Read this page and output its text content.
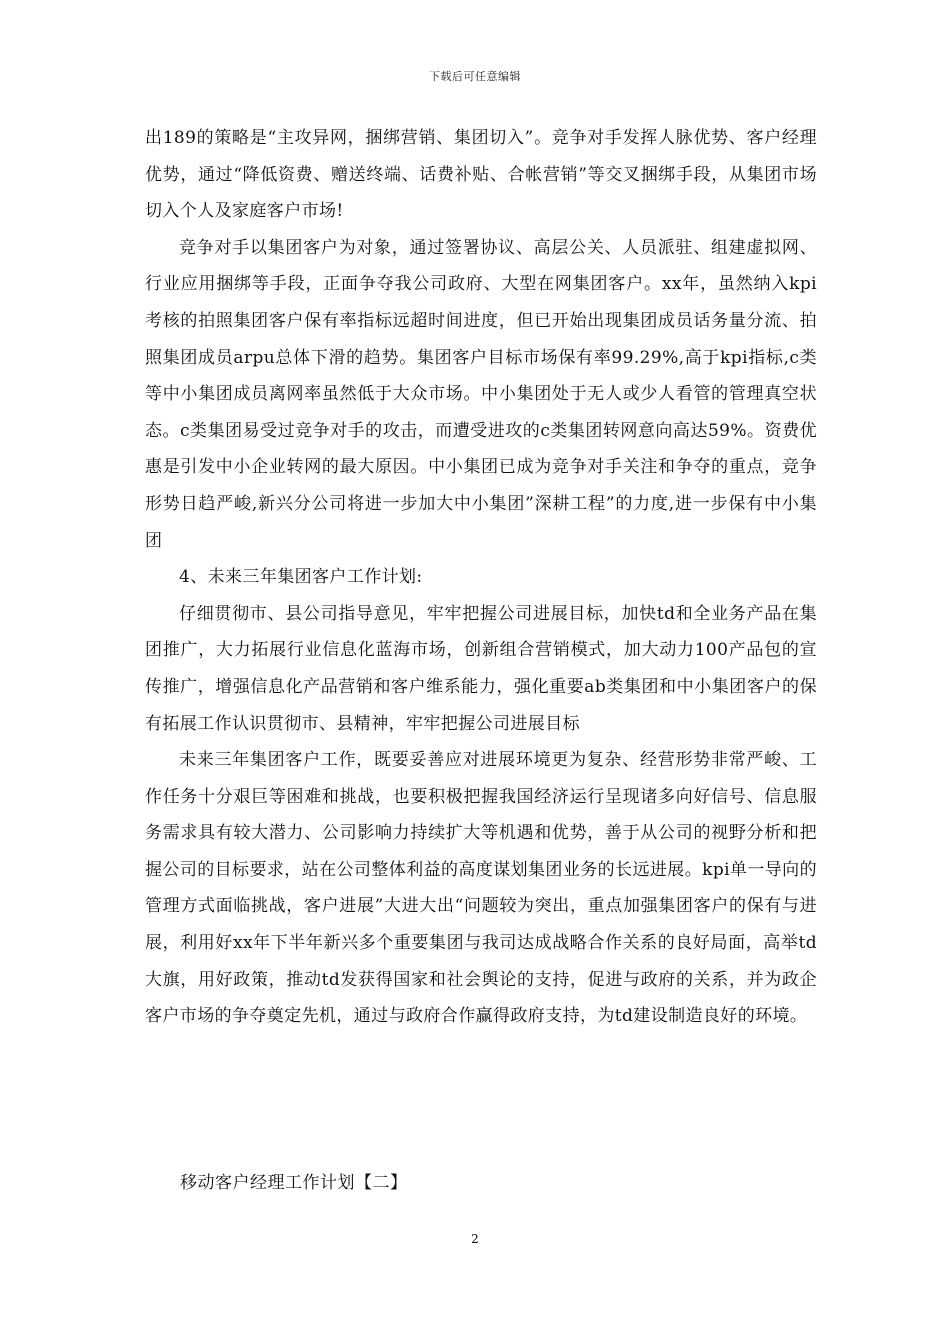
下载后可任意编辑

出189的策略是“主攻异网，捆绑营销、集团切入”。竞争对手发挥人脉优势、客户经理优势，通过“降低资费、赠送终端、话费补贴、合帐营销”等交叉捆绑手段，从集团市场切入个人及家庭客户市场!

竞争对手以集团客户为对象，通过签署协议、高层公关、人员派驻、组建虚拟网、行业应用捆绑等手段，正面争夺我公司政府、大型在网集团客户。xx年，虽然纳入kpi考核的拍照集团客户保有率指标远超时间进度，但已开始出现集团成员话务量分流、拍照集团成员arpu总体下滑的趋势。集团客户目标市场保有率99.29%,高于kpi指标,c类等中小集团成员离网率虽然低于大众市场。中小集团处于无人或少人看管的管理真空状态。c类集团易受过竞争对手的攻击，而遭受进攻的c类集团转网意向高达59%。资费优惠是引发中小企业转网的最大原因。中小集团已成为竞争对手关注和争夺的重点，竞争形势日趋严峻,新兴分公司将进一步加大中小集团”深耕工程”的力度,进一步保有中小集团

4、未来三年集团客户工作计划:

仔细贯彻市、县公司指导意见，牢牢把握公司进展目标，加快td和全业务产品在集团推广，大力拓展行业信息化蓝海市场，创新组合营销模式，加大动力100产品包的宣传推广，增强信息化产品营销和客户维系能力，强化重要ab类集团和中小集团客户的保有拓展工作认识贯彻市、县精神，牢牢把握公司进展目标

未来三年集团客户工作，既要妥善应对进展环境更为复杂、经营形势非常严峻、工作任务十分艰巨等困难和挑战，也要积极把握我国经济运行呈现诸多向好信号、信息服务需求具有较大潜力、公司影响力持续扩大等机遇和优势，善于从公司的视野分析和把握公司的目标要求，站在公司整体利益的高度谋划集团业务的长远进展。kpi单一导向的管理方式面临挑战，客户进展”大进大出“问题较为突出，重点加强集团客户的保有与进展，利用好xx年下半年新兴多个重要集团与我司达成战略合作关系的良好局面，高举td大旗，用好政策，推动td发获得国家和社会舆论的支持，促进与政府的关系，并为政企客户市场的争夺奠定先机，通过与政府合作赢得政府支持，为td建设制造良好的环境。

移动客户经理工作计划【二】
2
